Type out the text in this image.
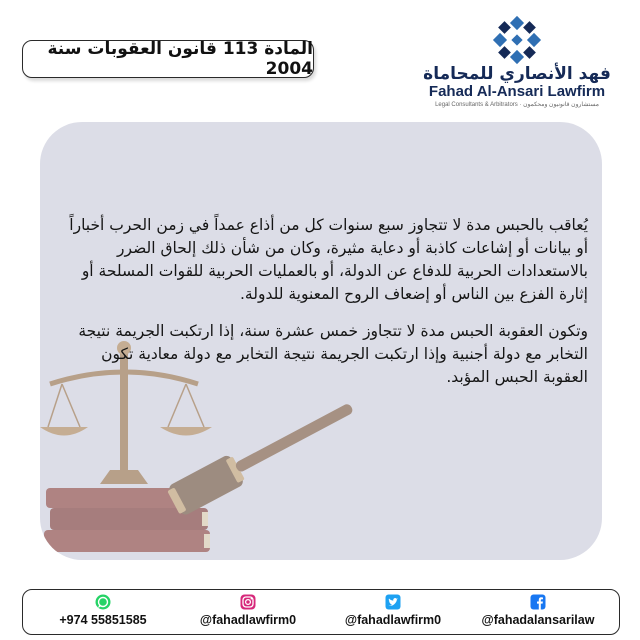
المادة 113 قانون العقوبات سنة 2004	فهد الأنصاري للمحاماة
Fahad Al-Ansari Lawfirm
Legal Consultants & Arbitrators · مستشارون قانونيون ومحكمون

يُعاقب بالحبس مدة لا تتجاوز سبع سنوات كل من أذاع عمداً في زمن الحرب أخباراً أو بيانات أو إشاعات كاذبة أو دعاية مثيرة، وكان من شأن ذلك إلحاق الضرر بالاستعدادات الحربية للدفاع عن الدولة، أو بالعمليات الحربية للقوات المسلحة أو إثارة الفزع بين الناس أو إضعاف الروح المعنوية للدولة.

وتكون العقوبة الحبس مدة لا تتجاوز خمس عشرة سنة، إذا ارتكبت الجريمة نتيجة التخابر مع دولة أجنبية وإذا ارتكبت الجريمة نتيجة التخابر مع دولة معادية تكون العقوبة الحبس المؤبد.

+974 55851585	@fahadlawfirm0	@fahadlawfirm0	@fahadalansarilaw
